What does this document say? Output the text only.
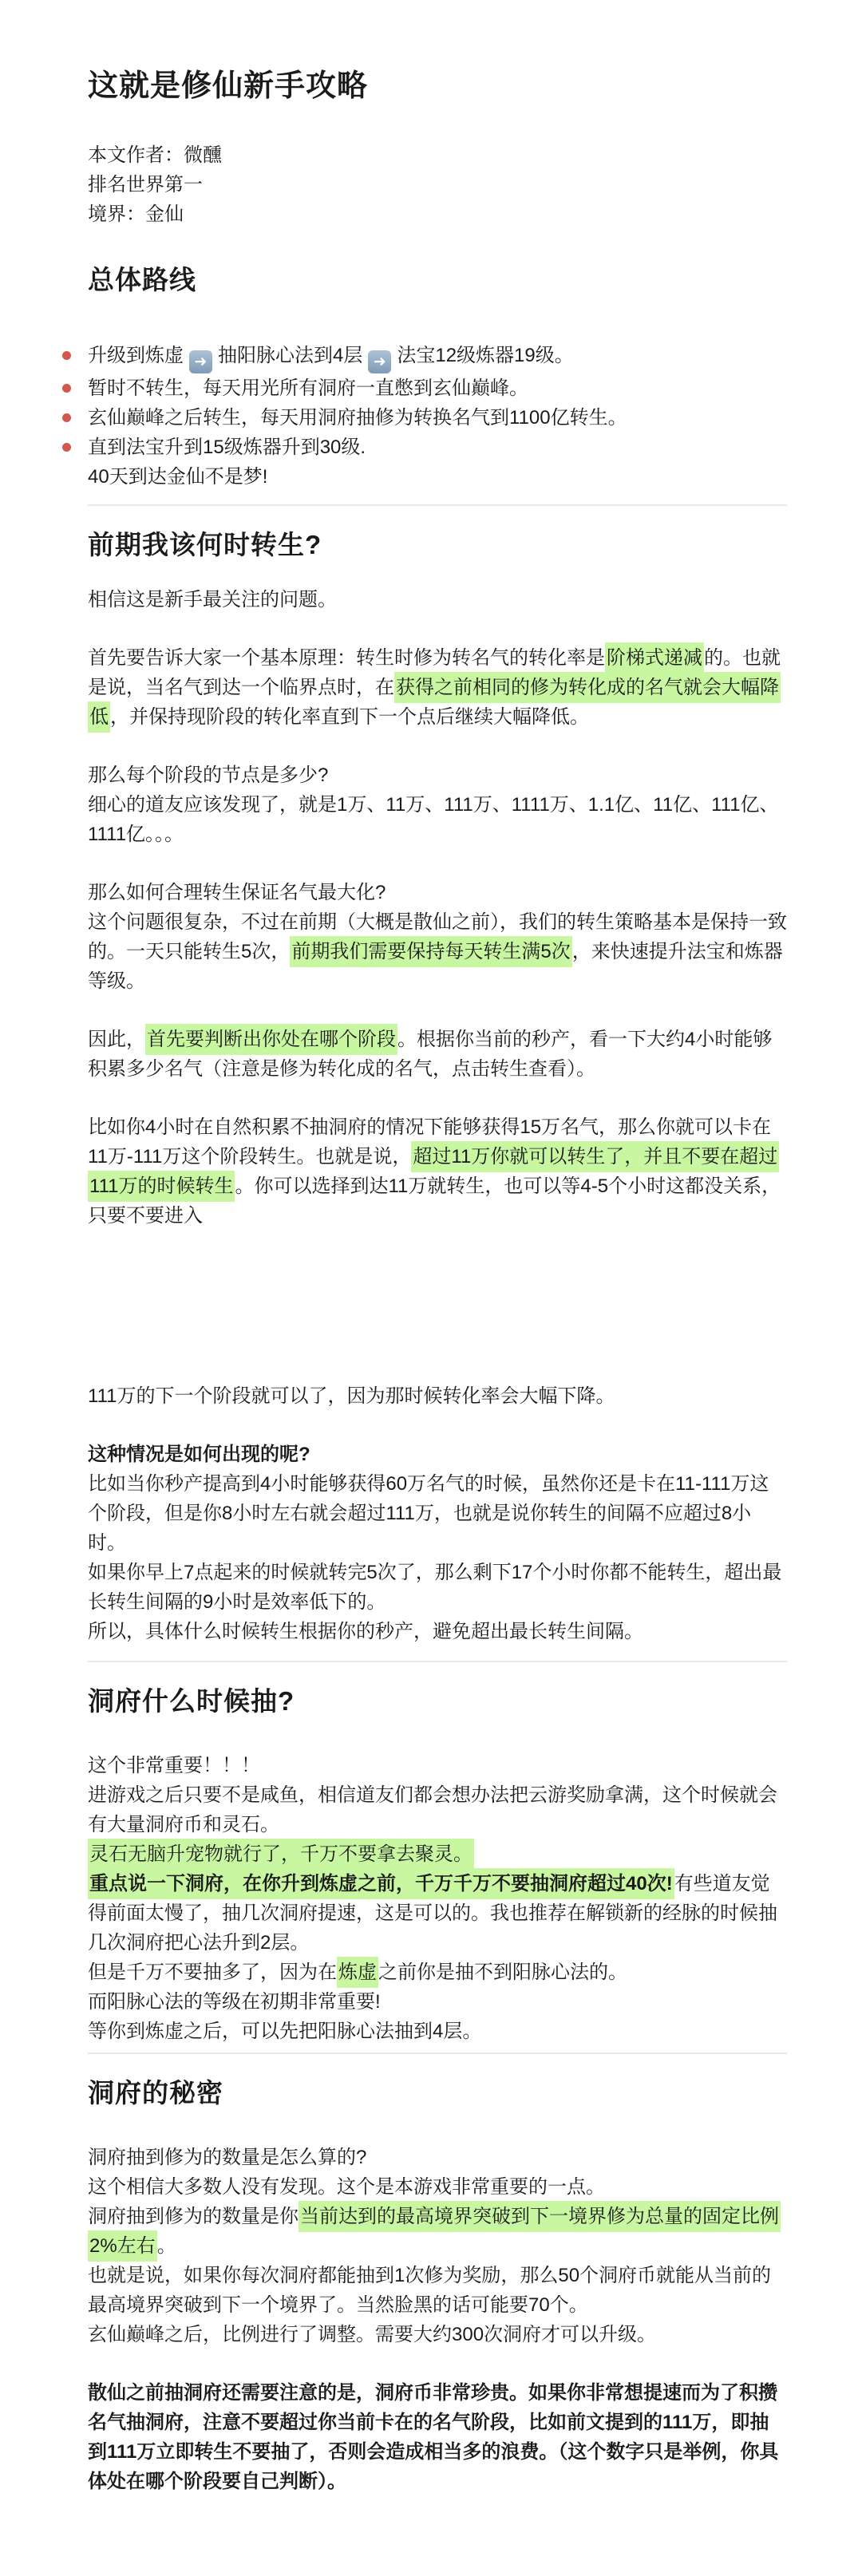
这就是修仙新手攻略
本文作者：微醺
排名世界第一
境界：金仙
总体路线
升级到炼虚 ➜ 抽阳脉心法到4层 ➜ 法宝12级炼器19级。
暂时不转生，每天用光所有洞府一直憋到玄仙巅峰。
玄仙巅峰之后转生，每天用洞府抽修为转换名气到1100亿转生。
直到法宝升到15级炼器升到30级.
40天到达金仙不是梦!
前期我该何时转生?

相信这是新手最关注的问题。

首先要告诉大家一个基本原理：转生时修为转名气的转化率是阶梯式递减的。也就是说，当名气到达一个临界点时，在获得之前相同的修为转化成的名气就会大幅降低，并保持现阶段的转化率直到下一个点后继续大幅降低。

那么每个阶段的节点是多少?

细心的道友应该发现了，就是1万、11万、111万、1111万、1.1亿、11亿、111亿、1111亿。。。

那么如何合理转生保证名气最大化?

这个问题很复杂，不过在前期（大概是散仙之前），我们的转生策略基本是保持一致的。一天只能转生5次，前期我们需要保持每天转生满5次，来快速提升法宝和炼器等级。

因此，首先要判断出你处在哪个阶段。根据你当前的秒产，看一下大约4小时能够积累多少名气（注意是修为转化成的名气，点击转生查看）。

比如你4小时在自然积累不抽洞府的情况下能够获得15万名气，那么你就可以卡在11万-111万这个阶段转生。也就是说，超过11万你就可以转生了，并且不要在超过111万的时候转生。你可以选择到达11万就转生，也可以等4-5个小时这都没关系，只要不要进入

111万的下一个阶段就可以了，因为那时候转化率会大幅下降。

这种情况是如何出现的呢?

比如当你秒产提高到4小时能够获得60万名气的时候，虽然你还是卡在11-111万这个阶段，但是你8小时左右就会超过111万，也就是说你转生的间隔不应超过8小时。

如果你早上7点起来的时候就转完5次了，那么剩下17个小时你都不能转生，超出最长转生间隔的9小时是效率低下的。

所以，具体什么时候转生根据你的秒产，避免超出最长转生间隔。

洞府什么时候抽?

这个非常重要！！！

进游戏之后只要不是咸鱼，相信道友们都会想办法把云游奖励拿满，这个时候就会有大量洞府币和灵石。

灵石无脑升宠物就行了，千万不要拿去聚灵。

重点说一下洞府，在你升到炼虚之前，千万千万不要抽洞府超过40次!有些道友觉得前面太慢了，抽几次洞府提速，这是可以的。我也推荐在解锁新的经脉的时候抽几次洞府把心法升到2层。

但是千万不要抽多了，因为在炼虚之前你是抽不到阳脉心法的。

而阳脉心法的等级在初期非常重要!

等你到炼虚之后，可以先把阳脉心法抽到4层。

洞府的秘密

洞府抽到修为的数量是怎么算的?

这个相信大多数人没有发现。这个是本游戏非常重要的一点。

洞府抽到修为的数量是你当前达到的最高境界突破到下一境界修为总量的固定比例2%左右。

也就是说，如果你每次洞府都能抽到1次修为奖励，那么50个洞府币就能从当前的最高境界突破到下一个境界了。当然脸黑的话可能要70个。

玄仙巅峰之后，比例进行了调整。需要大约300次洞府才可以升级。

散仙之前抽洞府还需要注意的是，洞府币非常珍贵。如果你非常想提速而为了积攒名气抽洞府，注意不要超过你当前卡在的名气阶段，比如前文提到的111万，即抽到111万立即转生不要抽了，否则会造成相当多的浪费。（这个数字只是举例，你具体处在哪个阶段要自己判断）。
